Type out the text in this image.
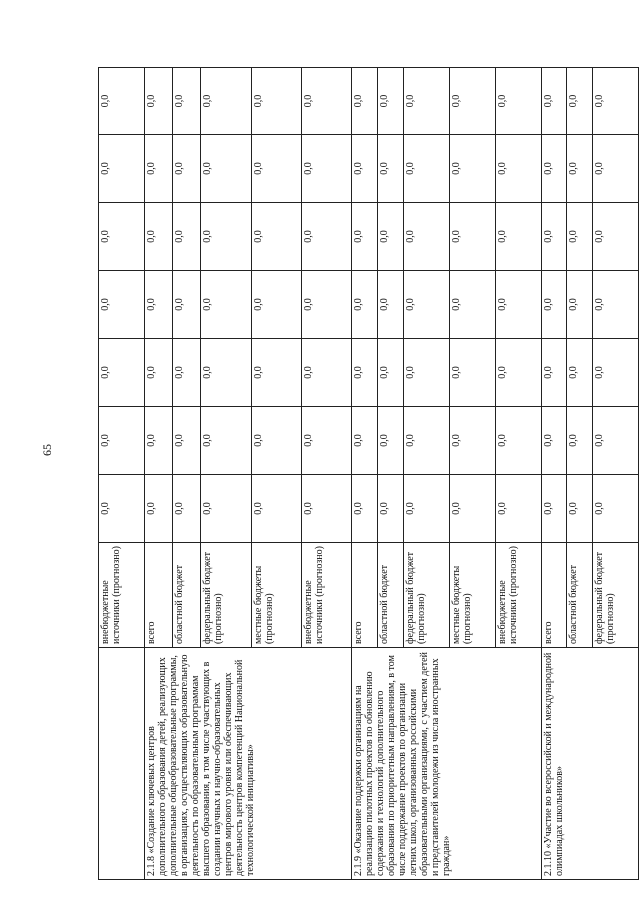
65
	внебюджетные источники (прогнозно)	0,0	0,0	0,0	0,0	0,0	0,0	0,0
2.1.8 «Создание ключевых центров дополнительного образования детей, реализующих дополнительные общеобразовательные программы, в организациях, осуществляющих образовательную деятельность по образовательным программам высшего образования, в том числе участвующих в создании научных и научно-образовательных центров мирового уровня или обеспечивающих деятельность центров компетенций Национальной технологической инициативы»	всего	0,0	0,0	0,0	0,0	0,0	0,0	0,0
	областной бюджет	0,0	0,0	0,0	0,0	0,0	0,0	0,0
	федеральный бюджет (прогнозно)	0,0	0,0	0,0	0,0	0,0	0,0	0,0
	местные бюджеты (прогнозно)	0,0	0,0	0,0	0,0	0,0	0,0	0,0
	внебюджетные источники (прогнозно)	0,0	0,0	0,0	0,0	0,0	0,0	0,0
2.1.9 «Оказание поддержки организациям на реализацию пилотных проектов по обновлению содержания и технологий дополнительного образования по приоритетным направлениям, в том числе поддержание проектов по организации летних школ, организованных российскими образовательными организациями, с участием детей и представителей молодежи из числа иностранных граждан»	всего	0,0	0,0	0,0	0,0	0,0	0,0	0,0
	областной бюджет	0,0	0,0	0,0	0,0	0,0	0,0	0,0
	федеральный бюджет (прогнозно)	0,0	0,0	0,0	0,0	0,0	0,0	0,0
	местные бюджеты (прогнозно)	0,0	0,0	0,0	0,0	0,0	0,0	0,0
	внебюджетные источники (прогнозно)	0,0	0,0	0,0	0,0	0,0	0,0	0,0
2.1.10 «Участие во всероссийской и международной олимпиадах школьников»	всего	0,0	0,0	0,0	0,0	0,0	0,0	0,0
	областной бюджет	0,0	0,0	0,0	0,0	0,0	0,0	0,0
	федеральный бюджет (прогнозно)	0,0	0,0	0,0	0,0	0,0	0,0	0,0
